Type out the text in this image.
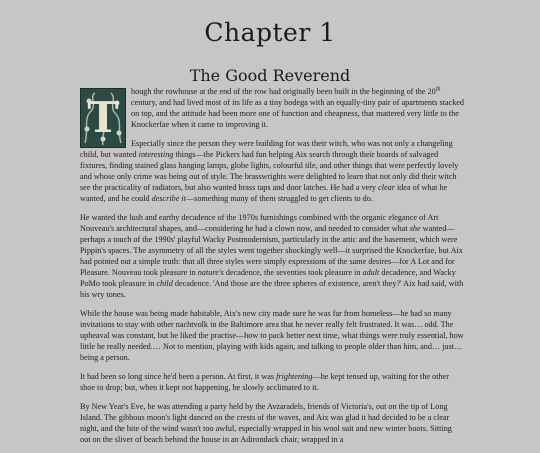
Chapter 1
The Good Reverend

T
hough the rowhouse at the end of the row had originally been built in the beginning of the 20th century, and had lived most of its life as a tiny bodega with an equally-tiny pair of apartments stacked on top, and the attitude had been more one of function and cheapness, that mattered very little to the Knockerfae when it came to improving it.

Especially since the person they were building for was their witch, who was not only a changeling child, but wanted interesting things—the Pickers had fun helping Aix search through their hoards of salvaged fixtures, finding stained glass hanging lamps, globe lights, colourful tile, and other things that were perfectly lovely and whose only crime was being out of style. The brasswrights were delighted to learn that not only did their witch see the practicality of radiators, but also wanted brass taps and door latches. He had a very clear idea of what he wanted, and he could describe it—something many of them struggled to get clients to do.

He wanted the lush and earthy decadence of the 1970s furnishings combined with the organic elegance of Art Nouveau's architectural shapes, and—considering he had a clown now, and needed to consider what she wanted—perhaps a touch of the 1990s' playful Wacky Postmodernism, particularly in the attic and the basement, which were Pippin's spaces. The asymmetry of all the styles went together shockingly well—it surprised the Knockerfae, but Aix had pointed out a simple truth: that all three styles were simply expressions of the same desires—for A Lot and for Pleasure. Nouveau took pleasure in nature's decadence, the seventies took pleasure in adult decadence, and Wacky PoMo took pleasure in child decadence. 'And those are the three spheres of existence, aren't they?' Aix had said, with his wry tones.

While the house was being made habitable, Aix's new city made sure he was far from homeless—he had so many invitations to stay with other nachtvolk in the Baltimore area that he never really felt frustrated. It was… odd. The upheaval was constant, but he liked the practise—how to pack better next time, what things were truly essential, how little he really needed.… Not to mention, playing with kids again, and talking to people older than him, and… just… being a person.

It had been so long since he'd been a person. At first, it was frightening—he kept tensed up, waiting for the other shoe to drop; but, when it kept not happening, he slowly acclimated to it.

By New Year's Eve, he was attending a party held by the Avzaradels, friends of Victoria's, out on the tip of Long Island. The gibbous moon's light danced on the crests of the waves, and Aix was glad it had decided to be a clear night, and the bite of the wind wasn't too awful, especially wrapped in his wool suit and new winter boots. Sitting out on the sliver of beach behind the house in an Adirondack chair, wrapped in a
